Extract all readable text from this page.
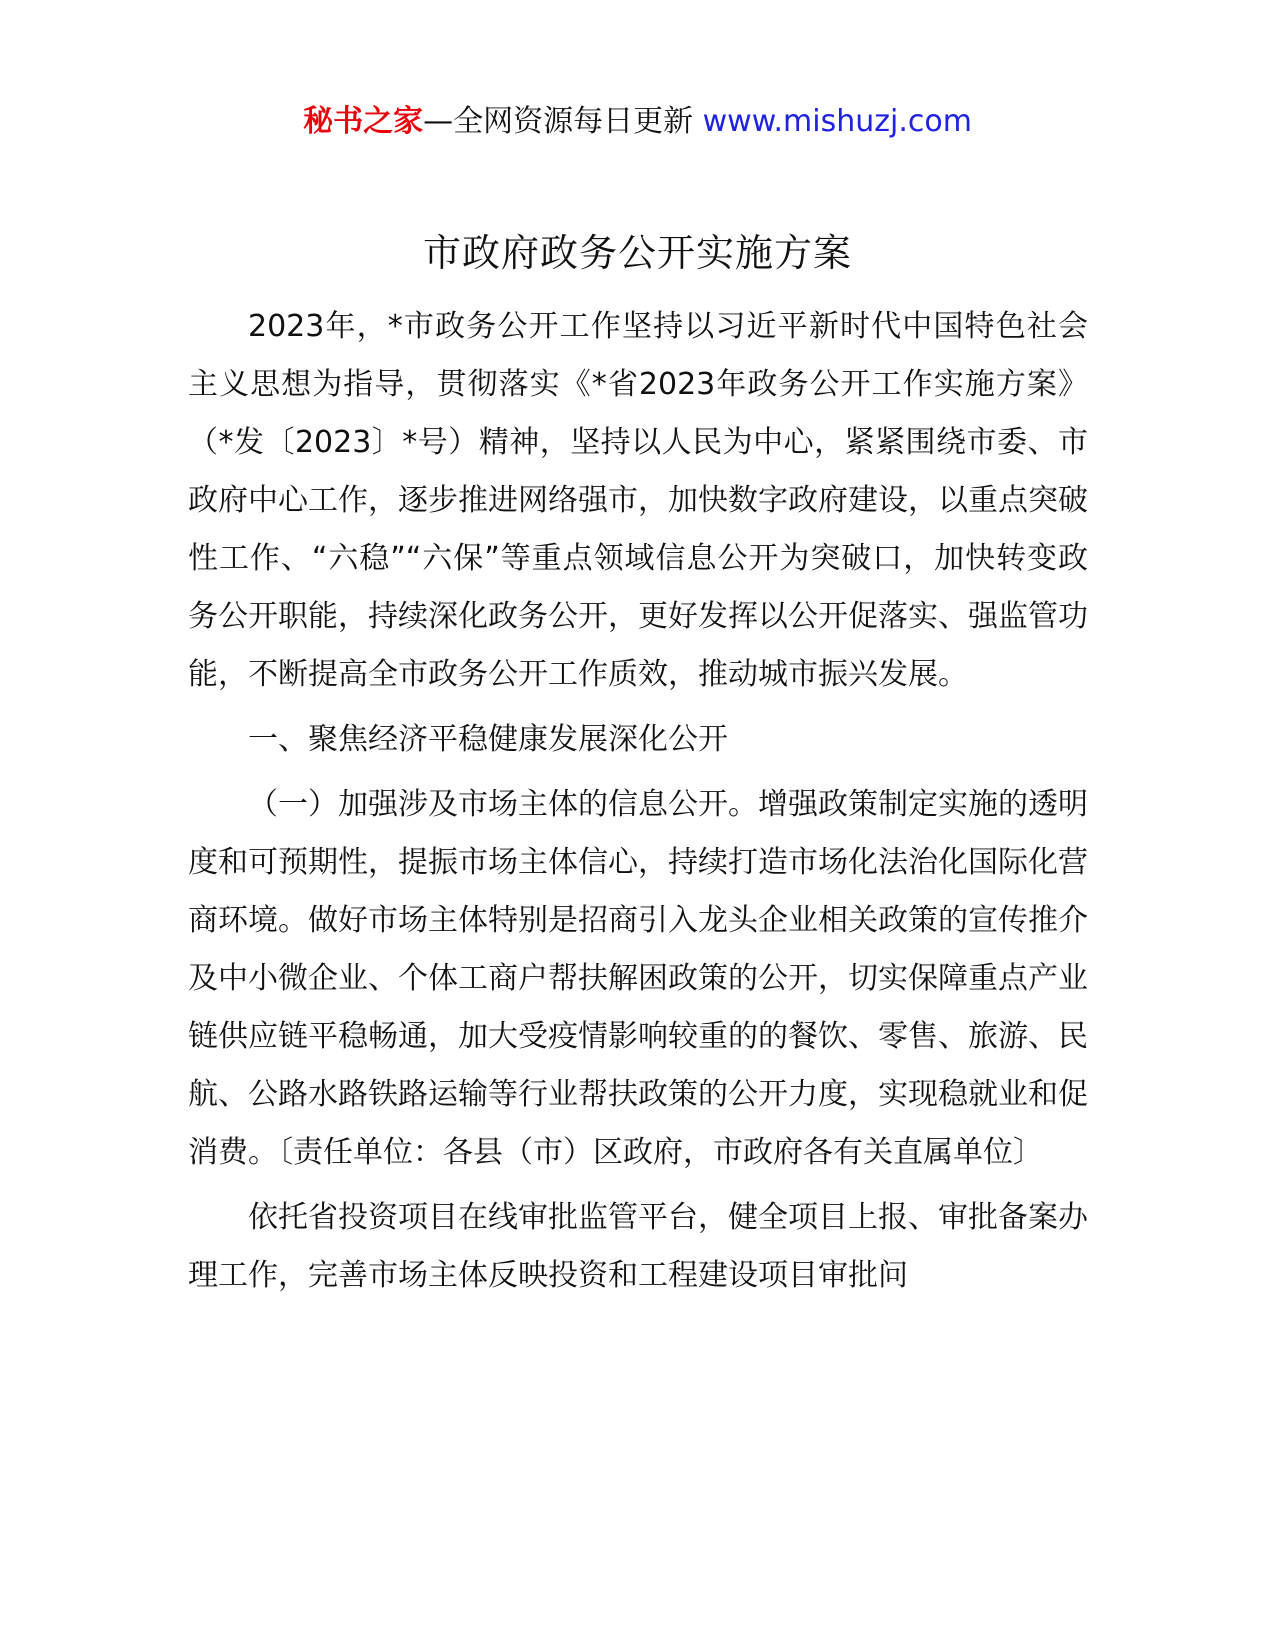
秘书之家—全网资源每日更新 www.mishuzj.com
市政府政务公开实施方案

2023年，*市政务公开工作坚持以习近平新时代中国特色社会主义思想为指导，贯彻落实《*省2023年政务公开工作实施方案》（*发〔2023〕*号）精神，坚持以人民为中心，紧紧围绕市委、市政府中心工作，逐步推进网络强市，加快数字政府建设，以重点突破性工作、“六稳”“六保”等重点领域信息公开为突破口，加快转变政务公开职能，持续深化政务公开，更好发挥以公开促落实、强监管功能，不断提高全市政务公开工作质效，推动城市振兴发展。

一、聚焦经济平稳健康发展深化公开

（一）加强涉及市场主体的信息公开。增强政策制定实施的透明度和可预期性，提振市场主体信心，持续打造市场化法治化国际化营商环境。做好市场主体特别是招商引入龙头企业相关政策的宣传推介及中小微企业、个体工商户帮扶解困政策的公开，切实保障重点产业链供应链平稳畅通，加大受疫情影响较重的的餐饮、零售、旅游、民航、公路水路铁路运输等行业帮扶政策的公开力度，实现稳就业和促消费。〔责任单位：各县（市）区政府，市政府各有关直属单位〕

依托省投资项目在线审批监管平台，健全项目上报、审批备案办理工作，完善市场主体反映投资和工程建设项目审批问
